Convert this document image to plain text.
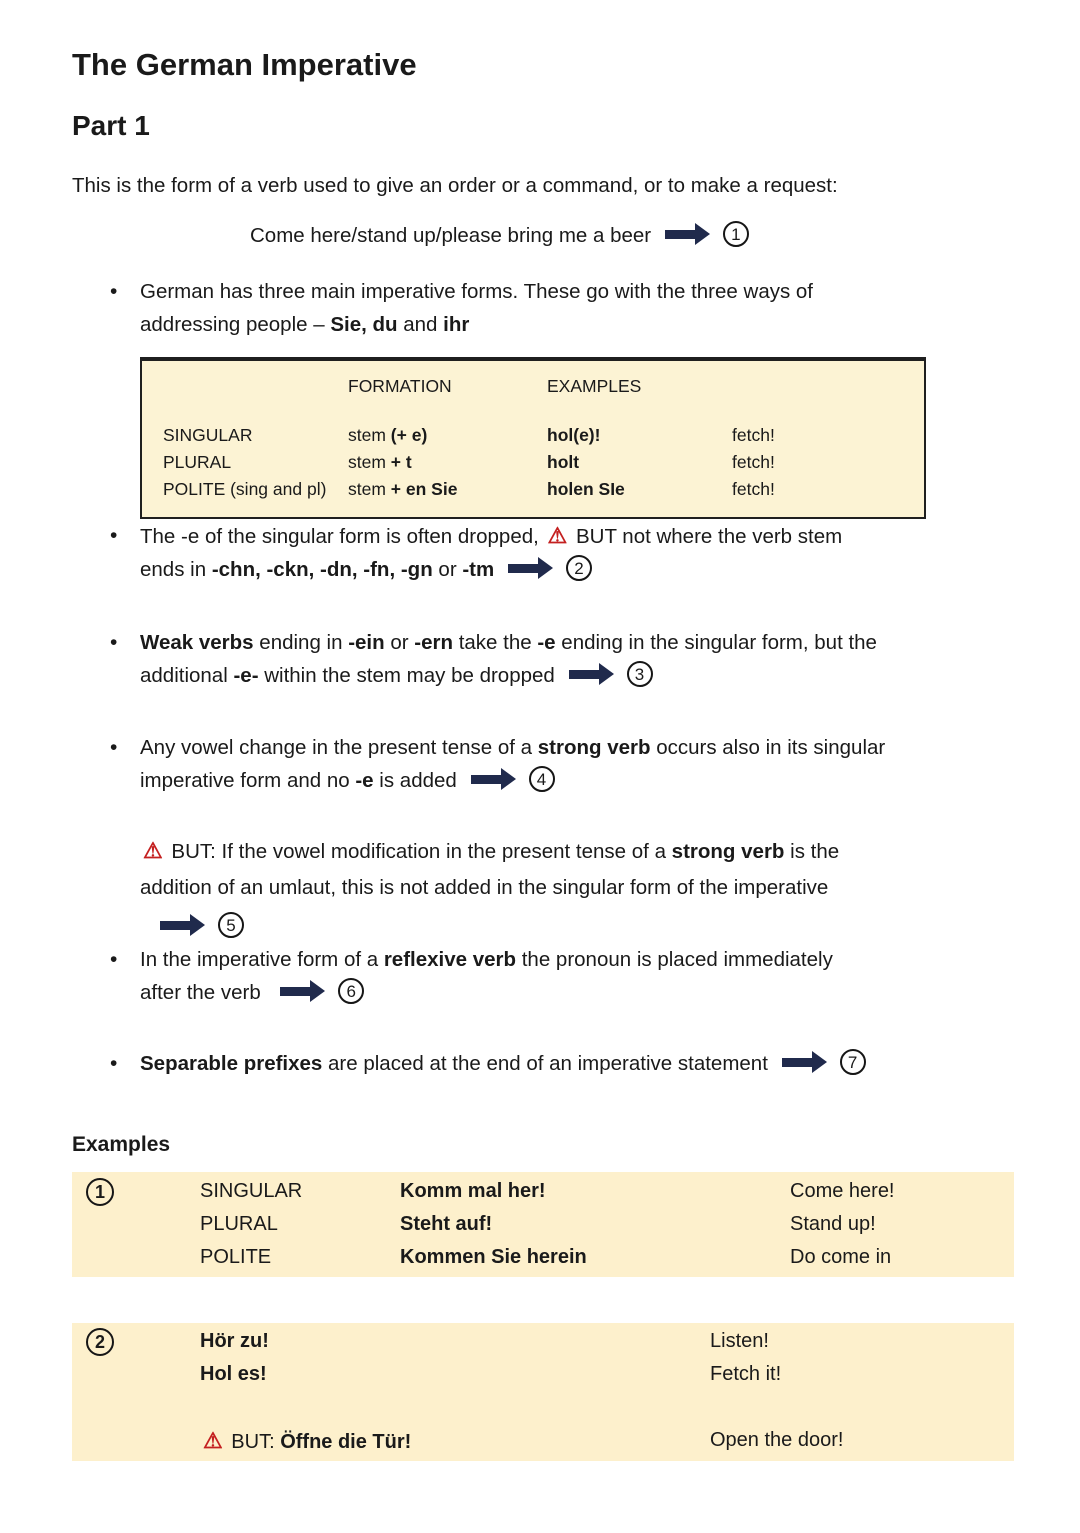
The German Imperative
Part 1

This is the form of a verb used to give an order or a command, or to make a request:

Come here/stand up/please bring me a beer	1

• German has three main imperative forms. These go with the three ways of
addressing people – Sie, du and ihr
FORMATION	EXAMPLES
SINGULAR	stem (+ e)	hol(e)!	fetch!
PLURAL	stem + t	holt	fetch!
POLITE (sing and pl)	stem + en Sie	holen SIe	fetch!
• The -e of the singular form is often dropped, ⚠ BUT not where the verb stem
ends in -chn, -ckn, -dn, -fn, -gn or -tm	2
• Weak verbs ending in -ein or -ern take the -e ending in the singular form, but the
additional -e- within the stem may be dropped	3
• Any vowel change in the present tense of a strong verb occurs also in its singular
imperative form and no -e is added	4

⚠ BUT: If the vowel modification in the present tense of a strong verb is the
addition of an umlaut, this is not added in the singular form of the imperative

5

• In the imperative form of a reflexive verb the pronoun is placed immediately
after the verb	6
• Separable prefixes are placed at the end of an imperative statement	7
Examples
1	SINGULAR	Komm mal her!	Come here!
PLURAL	Steht auf!	Stand up!
POLITE	Kommen Sie herein	Do come in
2	Hör zu!	Listen!
Hol es!	Fetch it!
⚠ BUT: Öffne die Tür!	Open the door!
